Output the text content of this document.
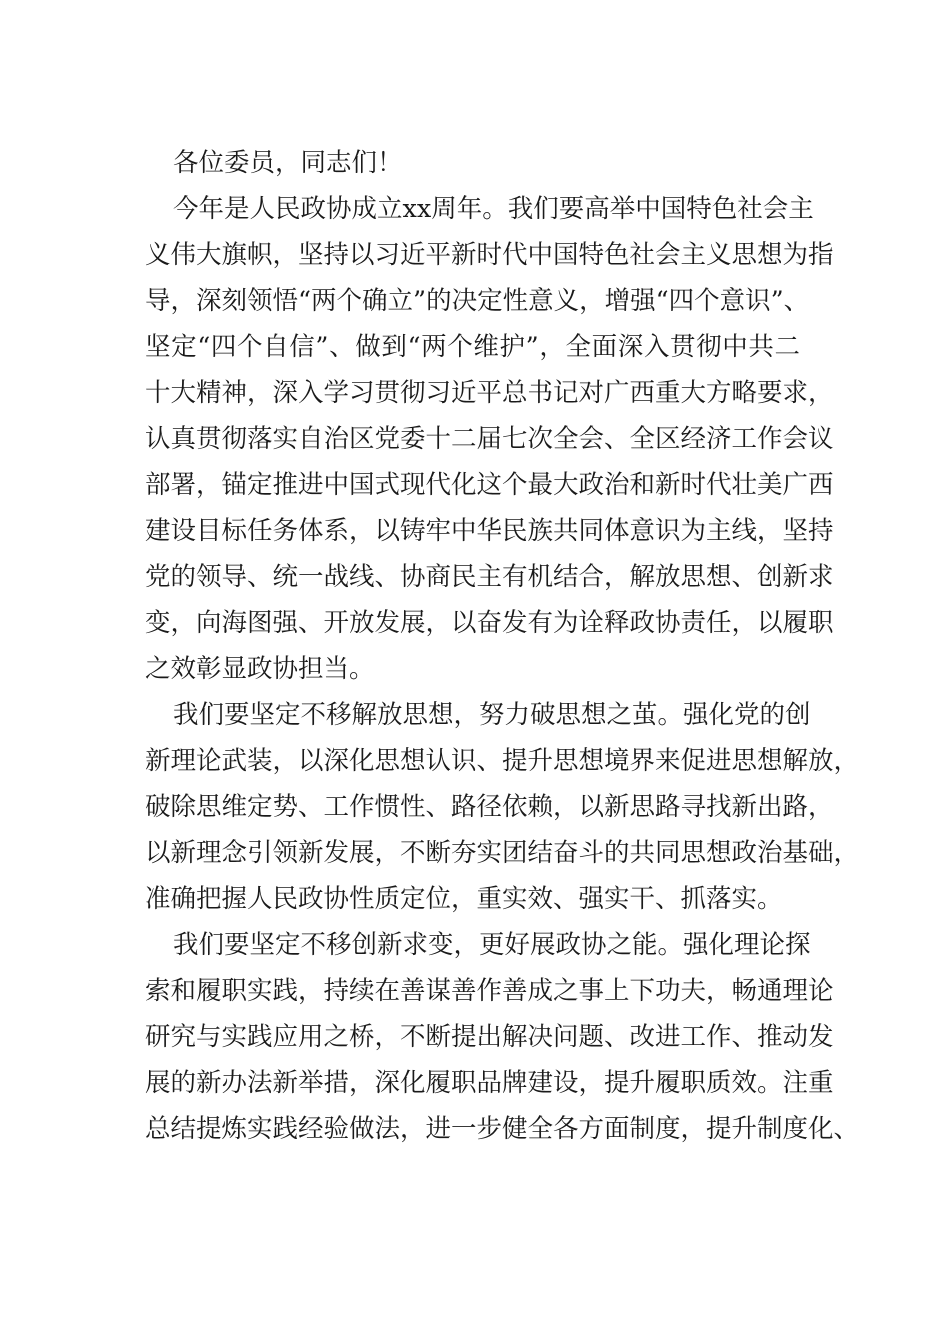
各位委员，同志们！
今年是人民政协成立xx周年。我们要高举中国特色社会主
义伟大旗帜，坚持以习近平新时代中国特色社会主义思想为指
导，深刻领悟“两个确立”的决定性意义，增强“四个意识”、
坚定“四个自信”、做到“两个维护”，全面深入贯彻中共二
十大精神，深入学习贯彻习近平总书记对广西重大方略要求，
认真贯彻落实自治区党委十二届七次全会、全区经济工作会议
部署，锚定推进中国式现代化这个最大政治和新时代壮美广西
建设目标任务体系，以铸牢中华民族共同体意识为主线，坚持
党的领导、统一战线、协商民主有机结合，解放思想、创新求
变，向海图强、开放发展，以奋发有为诠释政协责任，以履职
之效彰显政协担当。
我们要坚定不移解放思想，努力破思想之茧。强化党的创
新理论武装，以深化思想认识、提升思想境界来促进思想解放，
破除思维定势、工作惯性、路径依赖，以新思路寻找新出路，
以新理念引领新发展，不断夯实团结奋斗的共同思想政治基础，
准确把握人民政协性质定位，重实效、强实干、抓落实。
我们要坚定不移创新求变，更好展政协之能。强化理论探
索和履职实践，持续在善谋善作善成之事上下功夫，畅通理论
研究与实践应用之桥，不断提出解决问题、改进工作、推动发
展的新办法新举措，深化履职品牌建设，提升履职质效。注重
总结提炼实践经验做法，进一步健全各方面制度，提升制度化、
